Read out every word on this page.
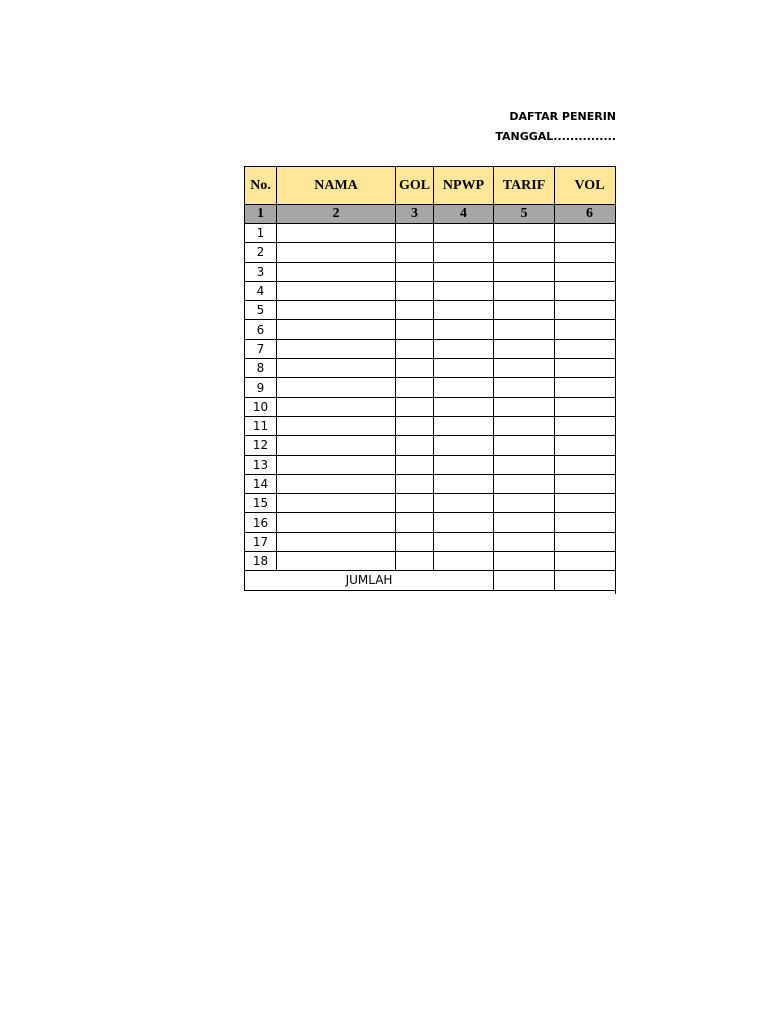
DAFTAR PENERIN
TANGGAL...............
No.	NAMA	GOL	NPWP	TARIF	VOL
1	2	3	4	5	6
1					
2					
3					
4					
5					
6					
7					
8					
9					
10					
11					
12					
13					
14					
15					
16					
17					
18					
JUMLAH					
